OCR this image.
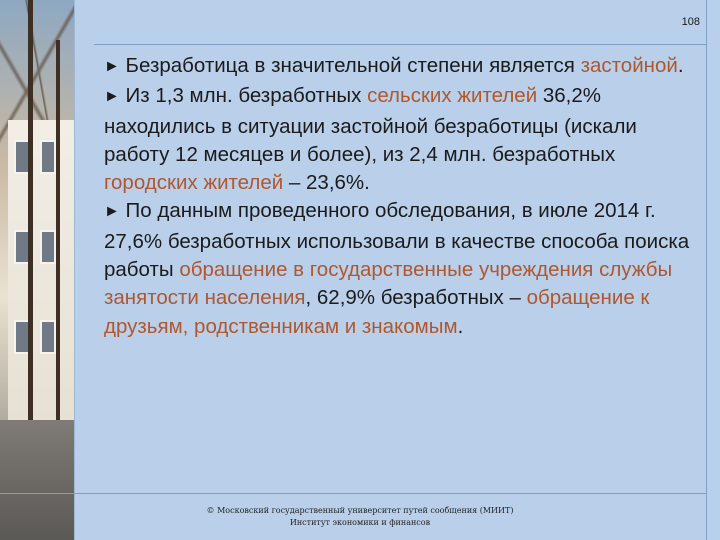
108

► Безработица в значительной степени является застойной.

► Из 1,3 млн. безработных сельских жителей 36,2% находились в ситуации застойной безработицы (искали работу 12 месяцев и более), из 2,4 млн. безработных городских жителей – 23,6%.

► По данным проведенного обследования, в июле 2014 г. 27,6% безработных использовали в качестве способа поиска работы обращение в государственные учреждения службы занятости населения, 62,9% безработных – обращение к друзьям, родственникам и знакомым.

© Московский государственный университет путей сообщения (МИИТ)
Институт экономики и финансов
